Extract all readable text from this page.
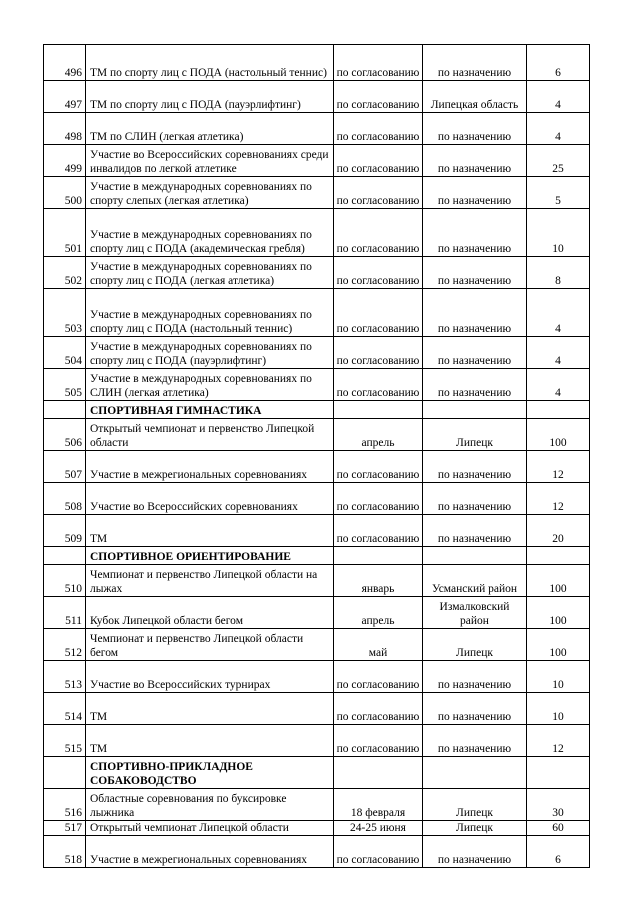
496	ТМ по спорту лиц с ПОДА (настольный теннис)	по согласованию	по назначению	6
497	ТМ по спорту лиц с ПОДА (пауэрлифтинг)	по согласованию	Липецкая область	4
498	ТМ по СЛИН (легкая атлетика)	по согласованию	по назначению	4
499	Участие во Всероссийских соревнованиях среди инвалидов по легкой атлетике	по согласованию	по назначению	25
500	Участие в международных соревнованиях по спорту слепых (легкая атлетика)	по согласованию	по назначению	5
501	Участие в международных соревнованиях по спорту лиц с ПОДА (академическая гребля)	по согласованию	по назначению	10
502	Участие в международных соревнованиях по спорту лиц с ПОДА (легкая атлетика)	по согласованию	по назначению	8
503	Участие в международных соревнованиях по спорту лиц с ПОДА (настольный теннис)	по согласованию	по назначению	4
504	Участие в международных соревнованиях по спорту лиц с ПОДА (пауэрлифтинг)	по согласованию	по назначению	4
505	Участие в международных соревнованиях по СЛИН (легкая атлетика)	по согласованию	по назначению	4
	СПОРТИВНАЯ ГИМНАСТИКА			
506	Открытый чемпионат и первенство Липецкой области	апрель	Липецк	100
507	Участие в межрегиональных соревнованиях	по согласованию	по назначению	12
508	Участие во Всероссийских соревнованиях	по согласованию	по назначению	12
509	ТМ	по согласованию	по назначению	20
	СПОРТИВНОЕ ОРИЕНТИРОВАНИЕ			
510	Чемпионат и первенство Липецкой области на лыжах	январь	Усманский район	100
511	Кубок Липецкой области бегом	апрель	Измалковский район	100
512	Чемпионат и первенство Липецкой области бегом	май	Липецк	100
513	Участие во Всероссийских турнирах	по согласованию	по назначению	10
514	ТМ	по согласованию	по назначению	10
515	ТМ	по согласованию	по назначению	12
	СПОРТИВНО-ПРИКЛАДНОЕ СОБАКОВОДСТВО			
516	Областные соревнования по буксировке лыжника	18 февраля	Липецк	30
517	Открытый чемпионат Липецкой области	24-25 июня	Липецк	60
518	Участие в межрегиональных соревнованиях	по согласованию	по назначению	6
